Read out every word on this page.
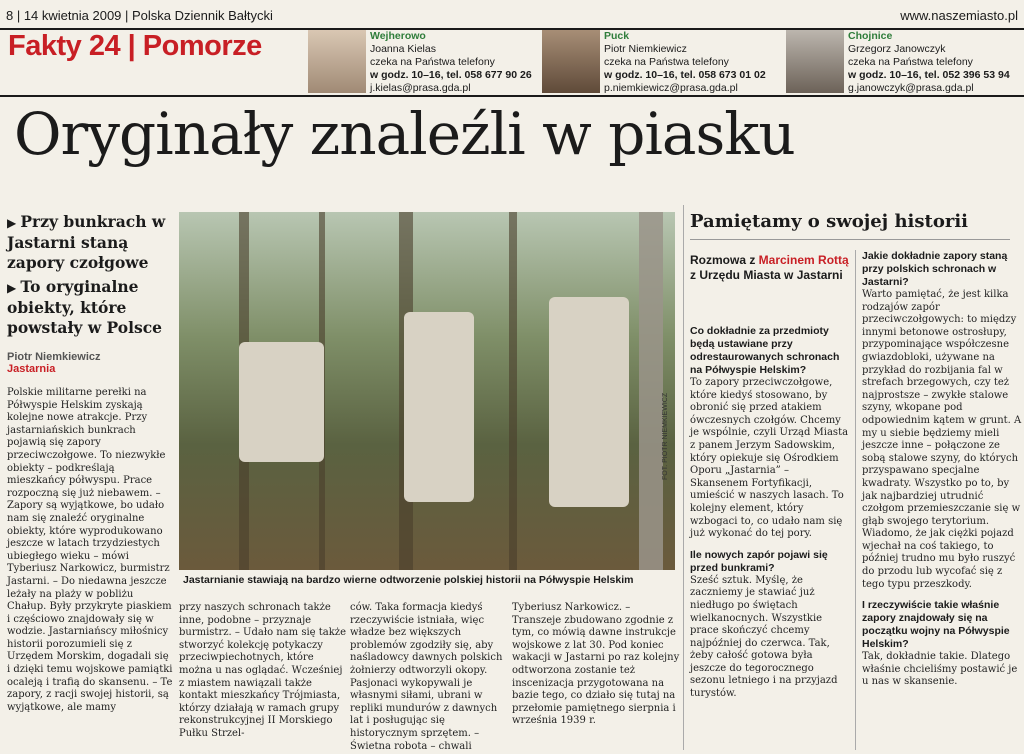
8 | 14 kwietnia 2009 | Polska Dziennik Bałtycki	www.naszemiasto.pl
Fakty 24 | Pomorze	Wejherowo
Joanna Kielas
czeka na Państwa telefony
w godz. 10–16, tel. 058 677 90 26
j.kielas@prasa.gda.pl
Puck
Piotr Niemkiewicz
czeka na Państwa telefony
w godz. 10–16, tel. 058 673 01 02
p.niemkiewicz@prasa.gda.pl
Chojnice
Grzegorz Janowczyk
czeka na Państwa telefony
w godz. 10–16, tel. 052 396 53 94
g.janowczyk@prasa.gda.pl
Oryginały znaleźli w piasku
▶ Przy bunkrach w Jastarni staną zapory czołgowe
▶ To oryginalne obiekty, które powstały w Polsce
Piotr Niemkiewicz
Jastarnia
Polskie militarne perełki na Półwyspie Helskim zyskają kolejne nowe atrakcje. Przy jastarniańskich bunkrach pojawią się zapory przeciwczołgowe. To niezwykłe obiekty – podkreślają mieszkańcy półwyspu. Prace rozpoczną się już niebawem. – Zapory są wyjątkowe, bo udało nam się znaleźć oryginalne obiekty, które wyprodukowano jeszcze w latach trzydziestych ubiegłego wieku – mówi Tyberiusz Narkowicz, burmistrz Jastarni. – Do niedawna jeszcze leżały na plaży w pobliżu Chałup. Były przykryte piaskiem i częściowo znajdowały się w wodzie. Jastarniańscy miłośnicy historii porozumieli się z Urzędem Morskim, dogadali się i dzięki temu wojskowe pamiątki ocaleją i trafią do skansenu. – Te zapory, z racji swojej historii, są wyjątkowe, ale mamy
FOT. PIOTR NIEMKIEWICZ
Jastarnianie stawiają na bardzo wierne odtworzenie polskiej historii na Półwyspie Helskim
przy naszych schronach także inne, podobne – przyznaje burmistrz. – Udało nam się także stworzyć kolekcję potykaczy przeciwpiechotnych, które można u nas oglądać. Wcześniej z miastem nawiązali także kontakt mieszkańcy Trójmiasta, którzy działają w ramach grupy rekonstrukcyjnej II Morskiego Pułku Strzel-
ców. Taka formacja kiedyś rzeczywiście istniała, więc władze bez większych problemów zgodziły się, aby naśladowcy dawnych polskich żołnierzy odtworzyli okopy. Pasjonaci wykopywali je własnymi siłami, ubrani w repliki mundurów z dawnych lat i posługując się historycznym sprzętem. – Świetna robota – chwali
Tyberiusz Narkowicz. – Transzeje zbudowano zgodnie z tym, co mówią dawne instrukcje wojskowe z lat 30. Pod koniec wakacji w Jastarni po raz kolejny odtworzona zostanie też inscenizacja przygotowana na bazie tego, co działo się tutaj na przełomie pamiętnego sierpnia i września 1939 r.
Pamiętamy o swojej historii
Rozmowa z Marcinem Rottą z Urzędu Miasta w Jastarni
Co dokładnie za przedmioty będą ustawiane przy odrestaurowanych schronach na Półwyspie Helskim?
To zapory przeciwczołgowe, które kiedyś stosowano, by obronić się przed atakiem ówczesnych czołgów. Chcemy je wspólnie, czyli Urząd Miasta z panem Jerzym Sadowskim, który opiekuje się Ośrodkiem Oporu „Jastarnia” – Skansenem Fortyfikacji, umieścić w naszych lasach. To kolejny element, który wzbogaci to, co udało nam się już wykonać do tej pory.
Ile nowych zapór pojawi się przed bunkrami?
Sześć sztuk. Myślę, że zaczniemy je stawiać już niedługo po świętach wielkanocnych. Wszystkie prace skończyć chcemy najpóźniej do czerwca. Tak, żeby całość gotowa była jeszcze do tegorocznego sezonu letniego i na przyjazd turystów.
Jakie dokładnie zapory staną przy polskich schronach w Jastarni?
Warto pamiętać, że jest kilka rodzajów zapór przeciwczołgowych: to między innymi betonowe ostrosłupy, przypominające współczesne gwiazdobloki, używane na przykład do rozbijania fal w strefach brzegowych, czy też najprostsze – zwykłe stalowe szyny, wkopane pod odpowiednim kątem w grunt. A my u siebie będziemy mieli jeszcze inne – połączone ze sobą stalowe szyny, do których przyspawano specjalne kwadraty. Wszystko po to, by jak najbardziej utrudnić czołgom przemieszczanie się w głąb swojego terytorium. Wiadomo, że jak ciężki pojazd wjechał na coś takiego, to później trudno mu było ruszyć do przodu lub wycofać się z tego typu przeszkody.
I rzeczywiście takie właśnie zapory znajdowały się na początku wojny na Półwyspie Helskim?
Tak, dokładnie takie. Dlatego właśnie chcieliśmy postawić je u nas w skansenie.
